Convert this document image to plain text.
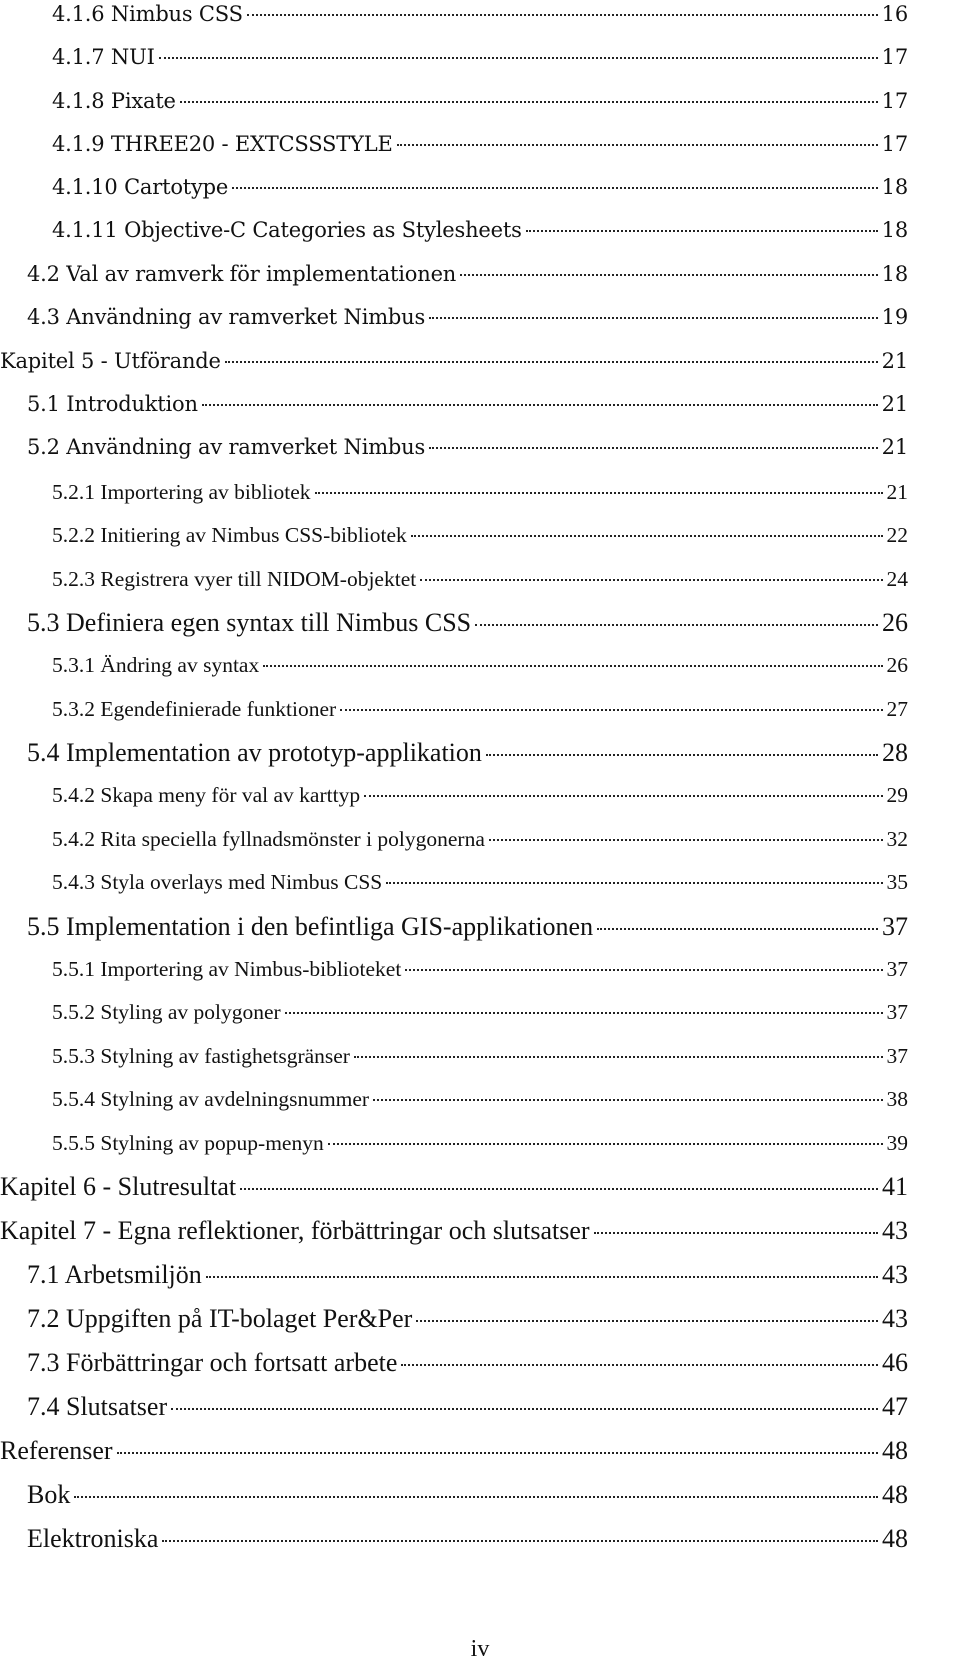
4.1.6 Nimbus CSS	16
4.1.7 NUI	17
4.1.8 Pixate	17
4.1.9 THREE20 - EXTCSSSTYLE	17
4.1.10 Cartotype	18
4.1.11 Objective-C Categories as Stylesheets	18
4.2 Val av ramverk för implementationen	18
4.3 Användning av ramverket Nimbus	19
Kapitel 5 - Utförande	21
5.1 Introduktion	21
5.2 Användning av ramverket Nimbus	21
5.2.1 Importering av bibliotek	21
5.2.2 Initiering av Nimbus CSS-bibliotek	22
5.2.3 Registrera vyer till NIDOM-objektet	24
5.3 Definiera egen syntax till Nimbus CSS	26
5.3.1 Ändring av syntax	26
5.3.2 Egendefinierade funktioner	27
5.4 Implementation av prototyp-applikation	28
5.4.2 Skapa meny för val av karttyp	29
5.4.2 Rita speciella fyllnadsmönster i polygonerna	32
5.4.3 Styla overlays med Nimbus CSS	35
5.5 Implementation i den befintliga GIS-applikationen	37
5.5.1 Importering av Nimbus-biblioteket	37
5.5.2 Styling av polygoner	37
5.5.3 Stylning av fastighetsgränser	37
5.5.4 Stylning av avdelningsnummer	38
5.5.5 Stylning av popup-menyn	39
Kapitel 6 - Slutresultat	41
Kapitel 7 - Egna reflektioner, förbättringar och slutsatser	43
7.1 Arbetsmiljön	43
7.2 Uppgiften på IT-bolaget Per&Per	43
7.3 Förbättringar och fortsatt arbete	46
7.4 Slutsatser	47
Referenser	48
Bok	48
Elektroniska	48
iv
